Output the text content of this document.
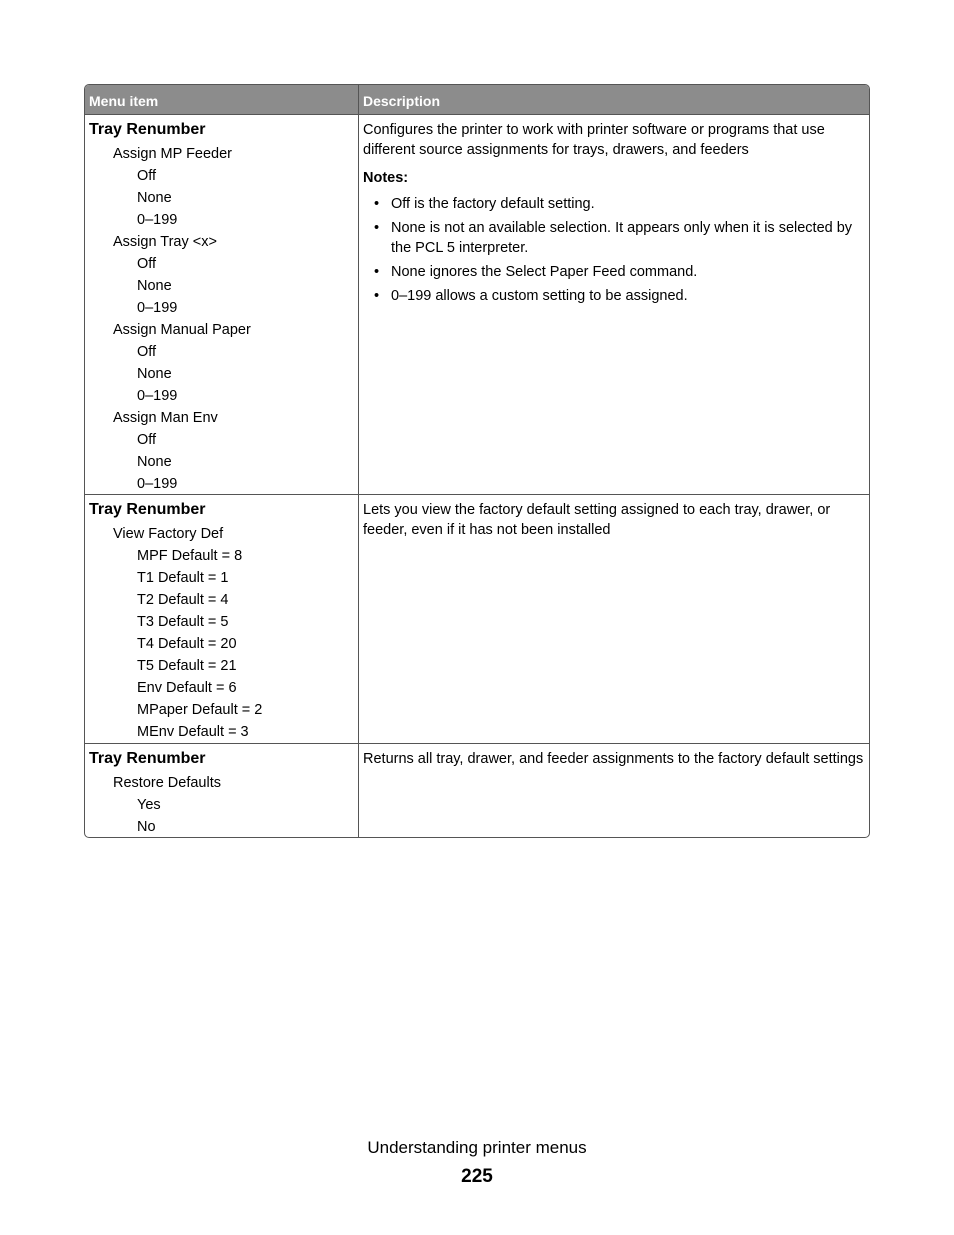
Menu item	Description
Tray Renumber
Assign MP Feeder
Off
None
0–199
Assign Tray <x>
Off
None
0–199
Assign Manual Paper
Off
None
0–199
Assign Man Env
Off
None
0–199
Configures the printer to work with printer software or programs that use different source assignments for trays, drawers, and feeders
Notes:
• Off is the factory default setting.
• None is not an available selection. It appears only when it is selected by the PCL 5 interpreter.
• None ignores the Select Paper Feed command.
• 0–199 allows a custom setting to be assigned.
Tray Renumber
View Factory Def
MPF Default = 8
T1 Default = 1
T2 Default = 4
T3 Default = 5
T4 Default = 20
T5 Default = 21
Env Default = 6
MPaper Default = 2
MEnv Default = 3
Lets you view the factory default setting assigned to each tray, drawer, or feeder, even if it has not been installed
Tray Renumber
Restore Defaults
Yes
No
Returns all tray, drawer, and feeder assignments to the factory default settings
Understanding printer menus
225
